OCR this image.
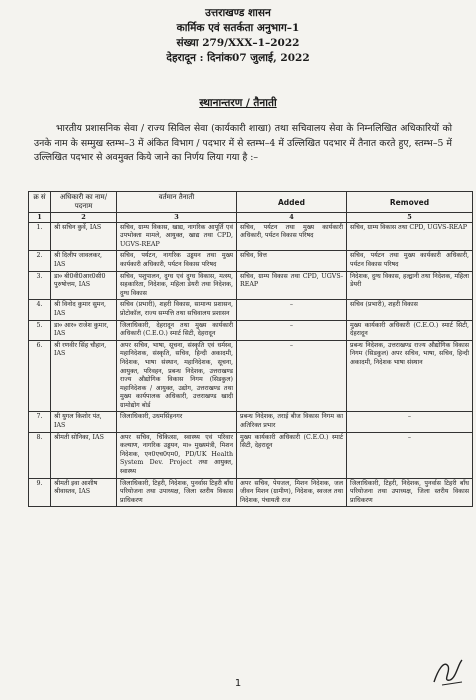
उत्तराखण्ड शासन
कार्मिक एवं सतर्कता अनुभाग–1
संख्या 279/XXX–1–2022
देहरादून : दिनांक07 जुलाई, 2022
स्थानान्तरण / तैनाती
भारतीय प्रशासनिक सेवा / राज्य सिविल सेवा (कार्यकारी शाखा) तथा सचिवालय सेवा के निम्नलिखित अधिकारियों को उनके नाम के सम्मुख स्तम्भ–3 में अंकित विभाग / पदभार में से स्तम्भ–4 में उल्लिखित पदभार में तैनात करते हुए, स्तम्भ–5 में उल्लिखित पदभार से अवमुक्त किये जाने का निर्णय लिया गया है :–
क्र सं	अधिकारी का नाम/पदनाम	वर्तमान तैनाती	Added	Removed
1	2	3	4	5
1.	श्री सचिन कुर्वे, IAS	सचिव, ग्राम्य विकास, खाद्य, नागरिक आपूर्ति एवं उपभोक्ता मामले, आयुक्त, खाद्य तथा CPD, UGVS-REAP	सचिव, पर्यटन तथा मुख्य कार्यकारी अधिकारी, पर्यटन विकास परिषद	सचिव, ग्राम्य विकास तथा CPD, UGVS-REAP
2.	श्री दिलीप जावलकर, IAS	सचिव, पर्यटन, नागरिक उड्डयन तथा मुख्य कार्यकारी अधिकारी, पर्यटन विकास परिषद	सचिव, वित्त	सचिव, पर्यटन तथा मुख्य कार्यकारी अधिकारी, पर्यटन विकास परिषद
3.	डा० बी0वी0आर0सी0 पुरुषोत्तम, IAS	सचिव, पशुपालन, दुग्ध एवं दुग्ध विकास, मत्स्य, सहकारिता, निदेशक, महिला डेयरी तथा निदेशक, दुग्ध विकास	सचिव, ग्राम्य विकास तथा CPD, UGVS-REAP	निदेशक, दुग्ध विकास, हल्द्वानी तथा निदेशक, महिला डेयरी
4.	श्री विनोद कुमार सुमन, IAS	सचिव (प्रभारी), शहरी विकास, सामान्य प्रशासन, प्रोटोकॉल, राज्य सम्पत्ति तथा सचिवालय प्रशासन	–	सचिव (प्रभारी), शहरी विकास
5.	डा० आर० राजेश कुमार, IAS	जिलाधिकारी, देहरादून तथा मुख्य कार्यकारी अधिकारी (C.E.O.) स्मार्ट सिटी, देहरादून	–	मुख्य कार्यकारी अधिकारी (C.E.O.) स्मार्ट सिटी, देहरादून
6.	श्री रणवीर सिंह चौहान, IAS	अपर सचिव, भाषा, सूचना, संस्कृति एवं धर्मस्व, महानिदेशक, संस्कृति, सचिव, हिन्दी अकादमी, निदेशक, भाषा संस्थान, महानिदेशक, सूचना, आयुक्त, परिवहन, प्रबन्ध निदेशक, उत्तराखण्ड राज्य औद्योगिक विकास निगम (सिडकुल) महानिदेशक / आयुक्त, उद्योग, उत्तराखण्ड तथा मुख्य कार्यपालक अधिकारी, उत्तराखण्ड खादी ग्रामोद्योग बोर्ड	–	प्रबन्ध निदेशक, उत्तराखण्ड राज्य औद्योगिक विकास निगम (सिडकुल) अपर सचिव, भाषा, सचिव, हिन्दी अकादमी, निदेशक भाषा संस्थान
7.	श्री युगल किशोर पंत, IAS	जिलाधिकारी, उधमसिंहनगर	प्रबन्ध निदेशक, तराई बीज विकास निगम का अतिरिक्त प्रभार	–
8.	श्रीमती सोनिका, IAS	अपर सचिव, चिकित्सा, स्वास्थ्य एवं परिवार कल्याण, नागरिक उड्डयन, मा० मुख्यमंत्री, मिशन निदेशक, एन0एच0एम0, PD/UK Health System Dev. Project तथा आयुक्त, स्वास्थ्य	मुख्य कार्यकारी अधिकारी (C.E.O.) स्मार्ट सिटी, देहरादून	–
9.	श्रीमती इवा आशीष श्रीवास्तव, IAS	जिलाधिकारी, टिहरी, निदेशक, पुनर्वास टिहरी बाँध परियोजना तथा उपाध्यक्ष, जिला स्तरीय विकास प्राधिकरण	अपर सचिव, पेयजल, मिशन निदेशक, जल जीवन मिशन (ग्रामीण), निदेशक, स्वजल तथा निदेशक, पंचायती राज	जिलाधिकारी, टिहरी, निदेशक, पुनर्वास टिहरी बाँध परियोजना तथा उपाध्यक्ष, जिला स्तरीय विकास प्राधिकरण
1
